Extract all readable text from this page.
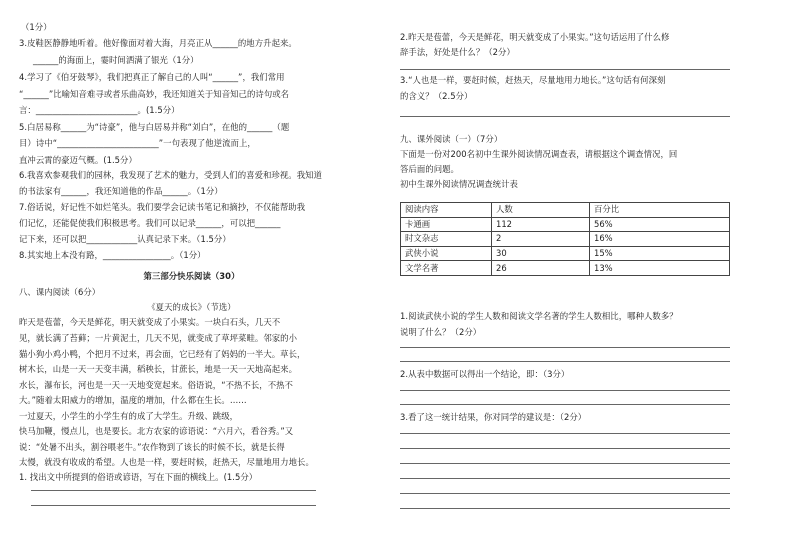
（1分）
3.皮鞋医静静地听着。他好像面对着大海，月亮正从______的地方升起来。
______的海面上，霎时间洒满了银光（1分）
4.学习了《伯牙鼓琴》，我们把真正了解自己的人叫“______”，我们常用
“______”比喻知音难寻或者乐曲高妙，我还知道关于知音知己的诗句或名
言：________________________。(1.5分）
5.白居易称______为“诗豪”，他与白居易并称“刘白”，在他的______（题
目）诗中“________________________”一句表现了他逆流而上，
直冲云霄的豪迈气概。(1.5分）
6.我喜欢参观我们的园林，我发现了艺术的魅力，受到人们的喜爱和珍视。我知道
的书法家有______，我还知道他的作品______。（1分）
7.俗话说，好记性不如烂笔头。我们要学会记读书笔记和摘抄，不仅能帮助我
们记忆，还能促使我们积极思考。我们可以记录______，可以把______
记下来，还可以把____________认真记录下来。（1.5分）
8.其实地上本没有路，________________。（1分）
第三部分快乐阅读（30）
八、课内阅读（6分）
《夏天的成长》（节选）
昨天是苞蕾，今天是鲜花，明天就变成了小果实。一块白石头，几天不
见，就长满了苔藓；一片黄泥土，几天不见，就变成了草坪菜畦。邻家的小
猫小狗小鸡小鸭，个把月不过来，再会面，它已经有了妈妈的一半大。草长，
树木长，山是一天一天变丰满，稻秧长，甘蔗长，地是一天一天地高起来。
水长，瀑布长，河也是一天一天地变宽起来。俗语说，“不热不长，不热不
大。”随着太阳威力的增加，温度的增加，什么都在生长。……
一过夏天，小学生的小学生有的成了大学生。升级、跳级，
快马加鞭，慢点儿，也是要长。北方农家的谚语说：“六月六，看谷秀。”又
说：“处暑不出头，割谷喂老牛。”农作物到了该长的时候不长，就是长得
太慢，就没有收成的希望。人也是一样，要赶时候，赶热天，尽量地用力地长。
1. 找出文中所提到的俗语或谚语，写在下面的横线上。(1.5分）
2.昨天是苞蕾，今天是鲜花，明天就变成了小果实。”这句话运用了什么修
辞手法，好处是什么？（2分）
3.“人也是一样，要赶时候，赶热天，尽量地用力地长。”这句话有何深刻
的含义？（2.5分）
九、课外阅读（一）（7分）
下面是一份对200名初中生课外阅读情况调查表，请根据这个调查情况，回
答后面的问题。
初中生课外阅读情况调查统计表
阅读内容	人数	百分比
卡通画	112	56%
时文杂志	2	16%
武侠小说	30	15%
文学名著	26	13%
1.阅读武侠小说的学生人数和阅读文学名著的学生人数相比，哪种人数多？
说明了什么？（2分）
2.从表中数据可以得出一个结论，即：（3分）
3.看了这一统计结果，你对同学的建议是：（2分）
